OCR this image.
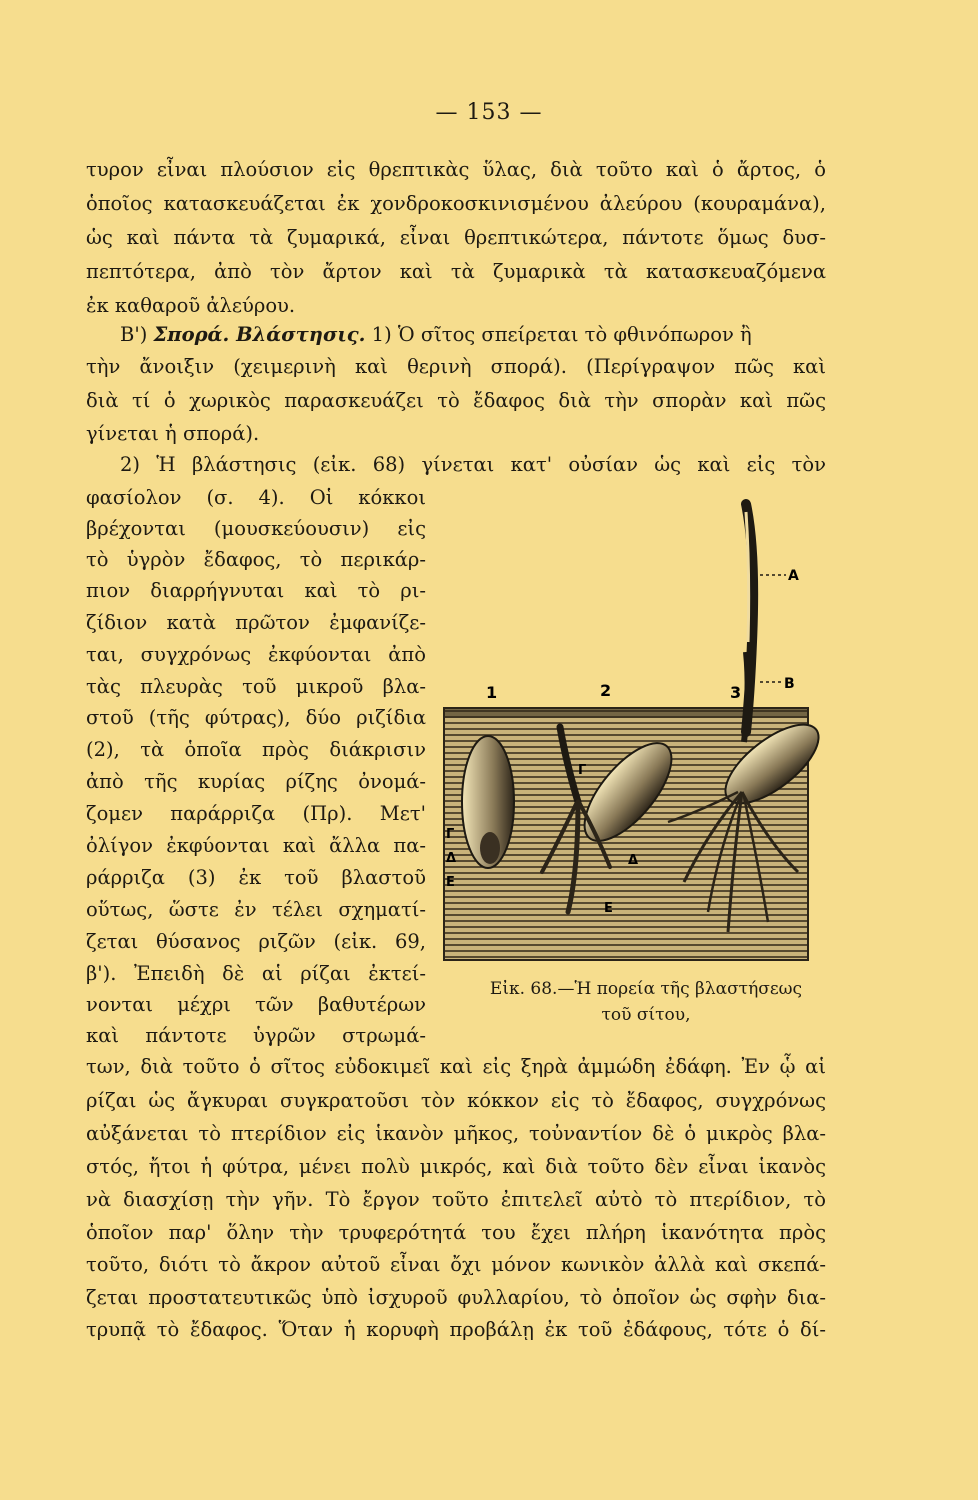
— 153 —
τυρον εἶναι πλούσιον εἰς θρεπτικὰς ὕλας, διὰ τοῦτο καὶ ὁ ἄρτος, ὁ
ὁποῖος κατασκευάζεται ἐκ χονδροκοσκινισμένου ἀλεύρου (κουραμάνα),
ὡς καὶ πάντα τὰ ζυμαρικά, εἶναι θρεπτικώτερα, πάντοτε ὅμως δυσ-
πεπτότερα, ἀπὸ τὸν ἄρτον καὶ τὰ ζυμαρικὰ τὰ κατασκευαζόμενα
ἐκ καθαροῦ ἀλεύρου.
Β') Σπορά. Βλάστησις. 1) Ὁ σῖτος σπείρεται τὸ φθινόπωρον ἢ
τὴν ἄνοιξιν (χειμερινὴ καὶ θερινὴ σπορά). (Περίγραψον πῶς καὶ
διὰ τί ὁ χωρικὸς παρασκευάζει τὸ ἔδαφος διὰ τὴν σπορὰν καὶ πῶς
γίνεται ἡ σπορά).
2) Ἡ βλάστησις (εἰκ. 68) γίνεται κατ' οὐσίαν ὡς καὶ εἰς τὸν
φασίολον (σ. 4). Οἱ κόκκοι
βρέχονται (μουσκεύουσιν) εἰς
τὸ ὑγρὸν ἔδαφος, τὸ περικάρ-
πιον διαρρήγνυται καὶ τὸ ρι-
ζίδιον κατὰ πρῶτον ἐμφανίζε-
ται, συγχρόνως ἐκφύονται ἀπὸ
τὰς πλευρὰς τοῦ μικροῦ βλα-
στοῦ (τῆς φύτρας), δύο ριζίδια
(2), τὰ ὁποῖα πρὸς διάκρισιν
ἀπὸ τῆς κυρίας ρίζης ὀνομά-
ζομεν παράρριζα (Πρ). Μετ'
ὀλίγον ἐκφύονται καὶ ἄλλα πα-
ράρριζα (3) ἐκ τοῦ βλαστοῦ
οὕτως, ὥστε ἐν τέλει σχηματί-
ζεται θύσανος ριζῶν (εἰκ. 69,
β'). Ἐπειδὴ δὲ αἱ ρίζαι ἐκτεί-
νονται μέχρι τῶν βαθυτέρων
καὶ πάντοτε ὑγρῶν στρωμά-
των, διὰ τοῦτο ὁ σῖτος εὐδοκιμεῖ καὶ εἰς ξηρὰ ἀμμώδη ἐδάφη. Ἐν ᾧ αἱ
ρίζαι ὡς ἄγκυραι συγκρατοῦσι τὸν κόκκον εἰς τὸ ἔδαφος, συγχρόνως
αὐξάνεται τὸ πτερίδιον εἰς ἱκανὸν μῆκος, τοὐναντίον δὲ ὁ μικρὸς βλα-
στός, ἤτοι ἡ φύτρα, μένει πολὺ μικρός, καὶ διὰ τοῦτο δὲν εἶναι ἱκανὸς
νὰ διασχίσῃ τὴν γῆν. Τὸ ἔργον τοῦτο ἐπιτελεῖ αὐτὸ τὸ πτερίδιον, τὸ
ὁποῖον παρ' ὅλην τὴν τρυφερότητά του ἔχει πλήρη ἱκανότητα πρὸς
τοῦτο, διότι τὸ ἄκρον αὐτοῦ εἶναι ὄχι μόνον κωνικὸν ἀλλὰ καὶ σκεπά-
ζεται προστατευτικῶς ὑπὸ ἰσχυροῦ φυλλαρίου, τὸ ὁποῖον ὡς σφὴν δια-
τρυπᾷ τὸ ἔδαφος. Ὅταν ἡ κορυφὴ προβάλῃ ἐκ τοῦ ἐδάφους, τότε ὁ δί-
1	2	3
A
B
Γ
Γ
Δ
Δ
Ε
Ε
Εἰκ. 68.—Ἡ πορεία τῆς βλαστήσεως
τοῦ σίτου,
